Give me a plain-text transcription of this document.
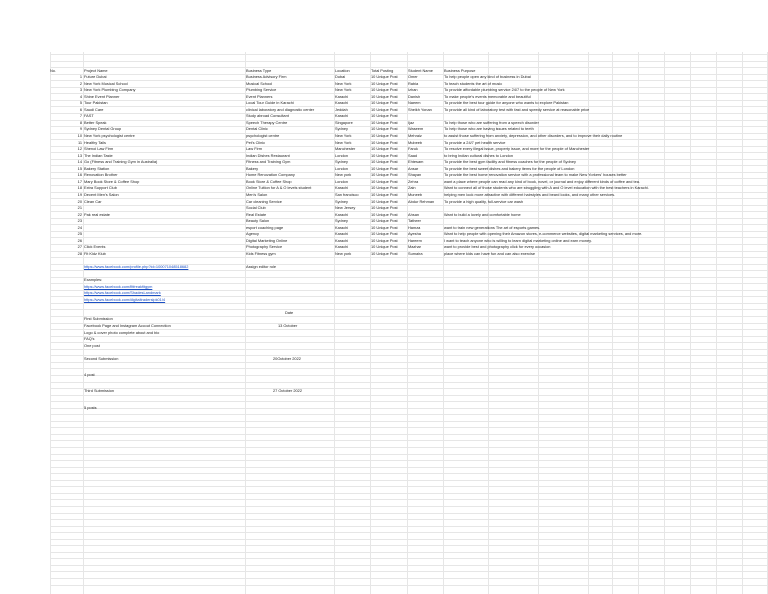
No.	Project Name	Business Type	Location	Total Posting	Student Name	Business Purpose
1 Future Dubai	Business Advisory Firm	Dubai	10 Unique Post	Omer	To help people open any kind of business in Dubai
2 New York Musical School	Musical School	New York	10 Unique Post	Rabia	To teach students the art of music
3 New York Plumbing Company	Plumbing Service	New York	10 Unique Post	Izhan	To provide affordable plumbing service 24/7 to the people of New York
4 Shine Event Planner	Event Planners	Karachi	10 Unique Post	Danish	To make people's events memorable and beautiful
5 Tour Pakistan	Local Tour Guide in Karachi	Karachi	10 Unique Post	Naeem	To provide the best tour guide for anyone who wants to explore Pakistan
6 Saudi Care	clinical laboratory and diagnostic center	Jeddah	10 Unique Post	Sheikh Yonan	To provide all kind of laboratory test with fast and speedy service at reasonable price
7 FAST	Study abroad Consultant	Karachi	10 Unique Post
8 Better Speak	Speech Therapy Centre	Singapore	10 Unique Post	Ijaz	To help those who are suffering from a speech disorder
9 Sydney Dental Group	Dental Clinic	Sydney	10 Unique Post	Waseem	To help those who are having issues related to teeth
10 New York psychologist centre	psychologist centre	New York	10 Unique Post	Mehraiz	to assist those suffering from anxiety, depression, and other disorders, and to improve their daily routine
11 Healthy Tails	Pet's Clinic	New York	10 Unique Post	Mubeeb	To provide a 24/7 pet health service
12 Shenoi Law Firm	Law Firm	Manchester	10 Unique Post	Faruk	To resolve every illegal issue, property issue, and more for the people of Manchester
13 The Indian Taste	Indian Dishes Restaurant	London	10 Unique Post	Saad	to bring Indian cultural dishes to London
14 Go (Fitness and Training Gym in Australia)	Fitness and Training Gym	Sydney	10 Unique Post	Ehtesam	To provide the best gym facility and fitness coaches for the people of Sydney
15 Bakery Station	Bakery	London	10 Unique Post	Ansar	To provide the best sweet dishes and bakery items for the people of London
16 Renovation Brother	Home Renovation Company	New york	10 Unique Post	Shayan	To provide the best home renovation service with a professional team to make New Yorkers' houses better
17 Mary Book Store & Coffee Shop	Book Store & Coffee Shop	London	10 Unique Post	Zehra	want a place where people can read any kind of book, novel, or journal and enjoy different kinds of coffee and tea.
18 Extra Support Club	Online Tuition for A & O levels student	Karachi	10 Unique Post	Zain	Want to connect all of those students who are struggling with A and O level education with the best teachers in Karachi.
19 Decent Men's Salon	Men's Salon	San francisco	10 Unique Post	Muneeb	helping men look more attractive with different hairstyles and beard looks, and many other services.
20 Clean Car	Car cleaning Service	Sydney	10 Unique Post	Abdur Rehman	To provide a high quality, full-service car wash
21	Social Club	New Jersey	10 Unique Post
22 Pak real estate	Real Estate	Karachi	10 Unique Post	Ahsan	Want to build a lovely and comfortable home
23	Beauty Salon	Sydney	10 Unique Post	Tatheer
24	esport coaching page	Karachi	10 Unique Post	Hamza	want to train new generations The art of esports games.
25	Agency	Karachi	10 Unique Post	Ayesha	Want to help people with opening their Amazon stores, e-commerce websites, digital marketing services, and more.
26	Digital Marketing Online	Karachi	10 Unique Post	Hareem	I want to teach anyone who is willing to learn digital marketing online and earn money.
27 Click Events	Photography Service	Karachi	10 Unique Post	Mazhar	want to provide best and photography click for every occasion
28 Fit Kidz Klub	Kids Fitness gym	New york	10 Unique Post	Sumaira	place where kids can have fun and can also exercise
https://www.facebook.com/profile.php?id=100071048518682	Assign editor role
Examples:
https://www.facebook.com/fitfreakfitgym
https://www.facebook.com/ShadesLandmark
https://www.facebook.com/digitaltraderslpk01/4
Date
First Submission
13 October
Facebook Page and Instagram Accout Connection
Logo & cover photo complete about and bio
FAQ's
One post
Second Submission	20October 2022
4 post
Third Submission	27 October 2022
5 posts
